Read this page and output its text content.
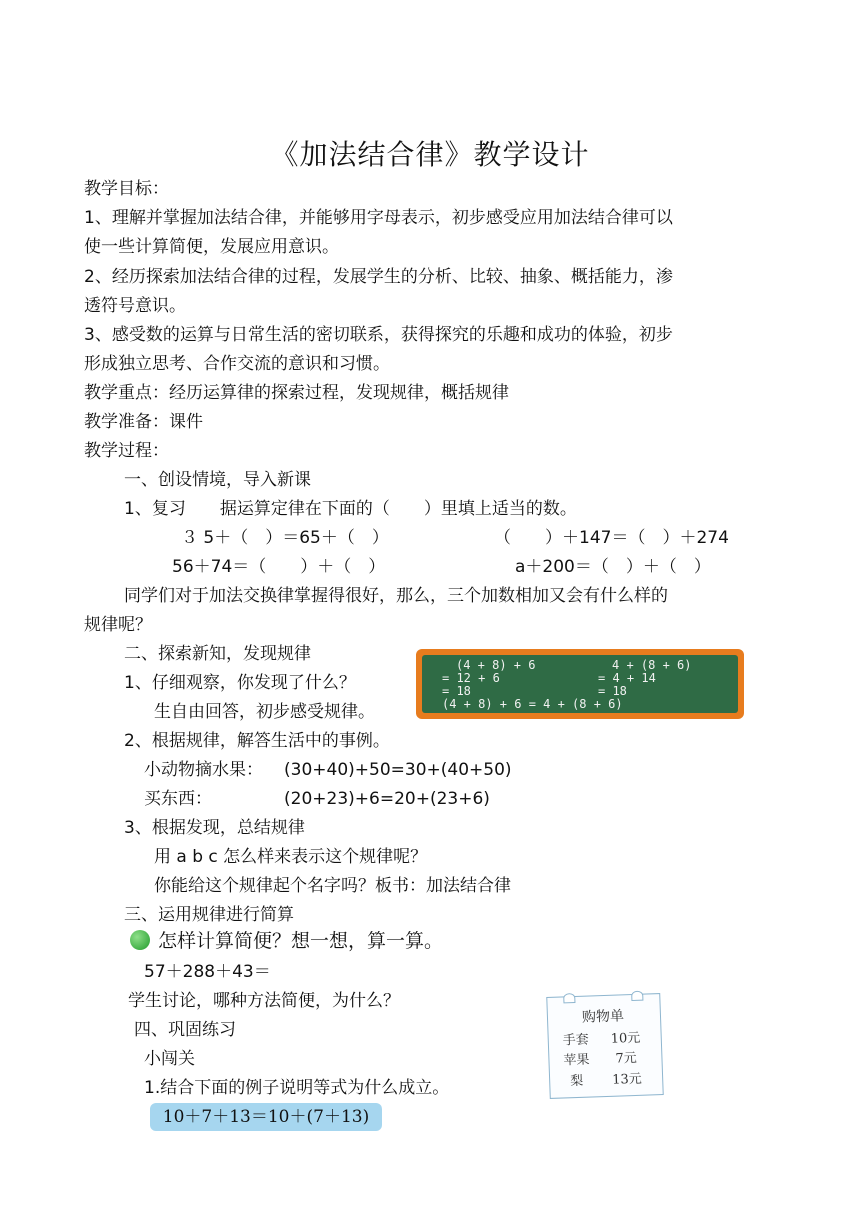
《加法结合律》教学设计
教学目标：
1、理解并掌握加法结合律，并能够用字母表示，初步感受应用加法结合律可以
使一些计算简便，发展应用意识。
2、经历探索加法结合律的过程，发展学生的分析、比较、抽象、概括能力，渗
透符号意识。
3、感受数的运算与日常生活的密切联系，获得探究的乐趣和成功的体验，初步
形成独立思考、合作交流的意识和习惯。
教学重点：经历运算律的探索过程，发现规律，概括规律
教学准备：课件
教学过程：
一、创设情境，导入新课
1、复习　　据运算定律在下面的（　　）里填上适当的数。
３ 5＋（　）＝65＋（　）	（　　）＋147＝（　）＋274
56＋74＝（　　）＋（　）	a＋200＝（　）＋（　）
同学们对于加法交换律掌握得很好，那么，三个加数相加又会有什么样的
规律呢？
二、探索新知，发现规律
1、仔细观察，你发现了什么？
生自由回答，初步感受规律。
(4 + 8) + 6	4 + (8 + 6)
= 12 + 6	= 4 + 14
= 18	= 18
(4 + 8) + 6 = 4 + (8 + 6)
2、根据规律，解答生活中的事例。
小动物摘水果： (30+40)+50=30+(40+50)
买东西：	(20+23)+6=20+(23+6)
3、根据发现，总结规律
用 a b c 怎么样来表示这个规律呢？
你能给这个规律起个名字吗？板书：加法结合律
三、运用规律进行简算
怎样计算简便？想一想，算一算。
57＋288＋43＝
学生讨论，哪种方法简便，为什么？
四、巩固练习
小闯关
1.结合下面的例子说明等式为什么成立。
10＋7＋13＝10＋(7＋13)
购物单
手套 10元
苹果 7元
梨 13元
